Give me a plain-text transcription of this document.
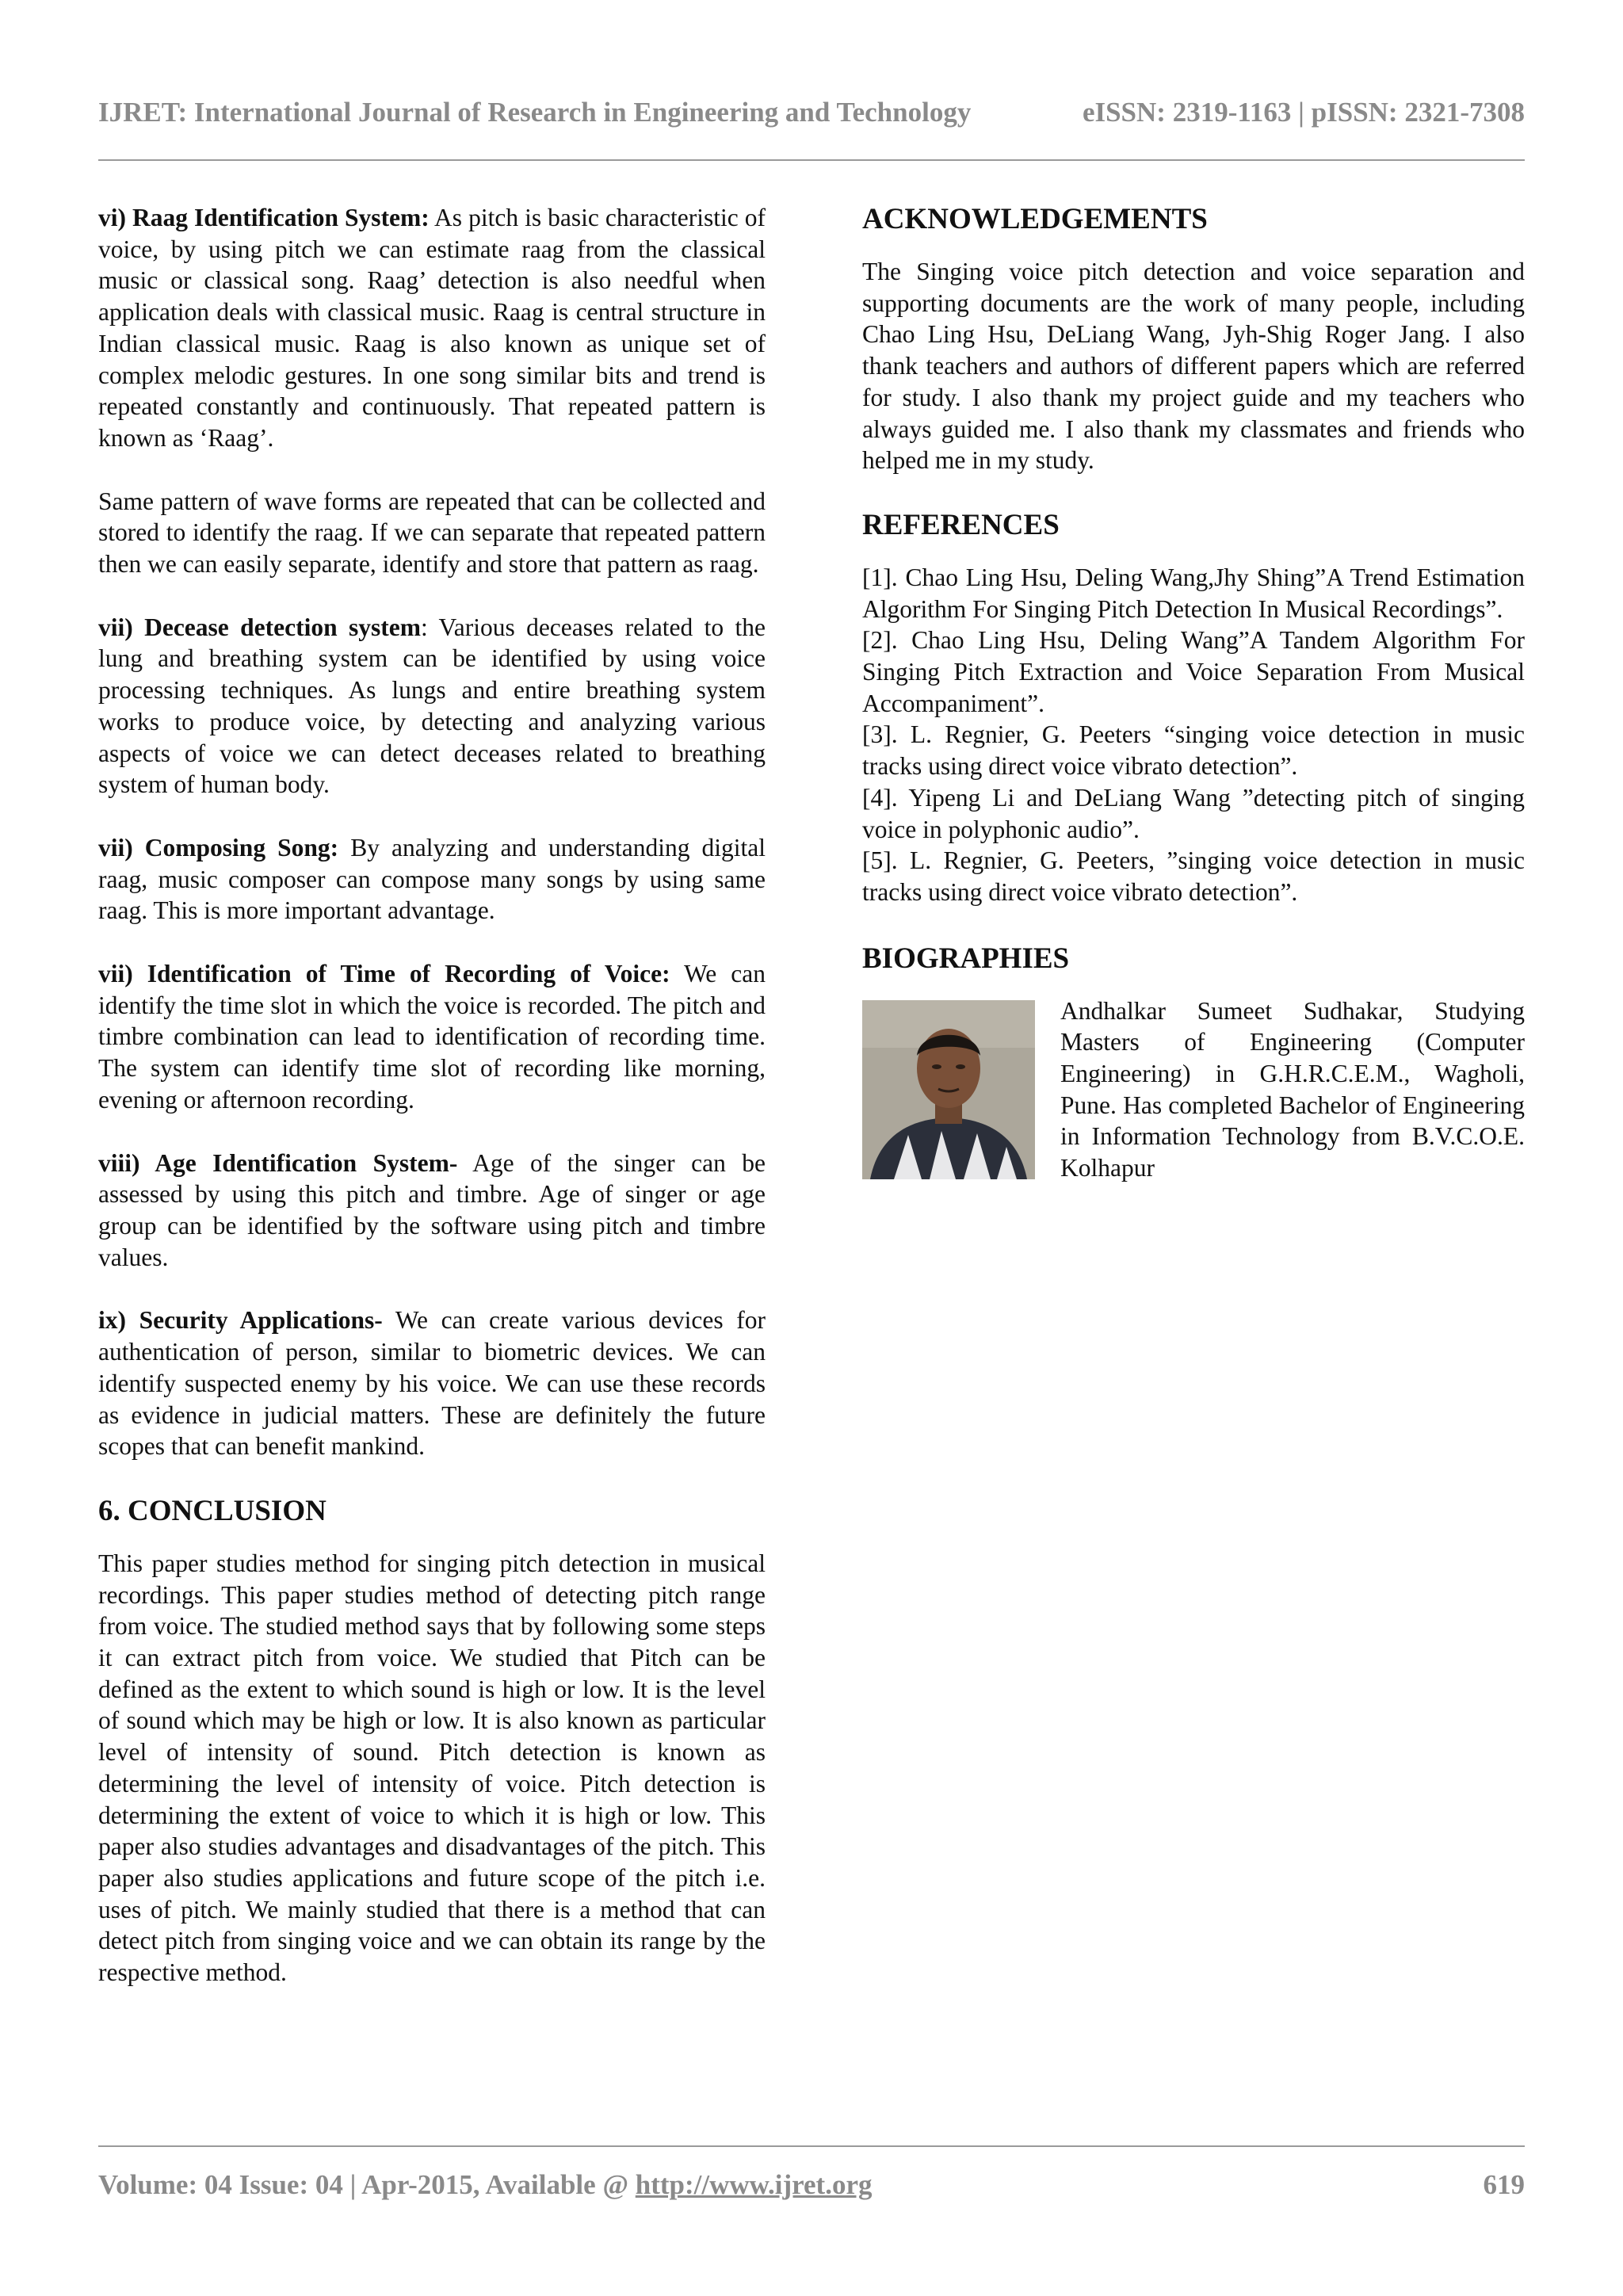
IJRET: International Journal of Research in Engineering and Technology	eISSN: 2319-1163 | pISSN: 2321-7308

vi) Raag Identification System: As pitch is basic characteristic of voice, by using pitch we can estimate raag from the classical music or classical song. Raag’ detection is also needful when application deals with classical music. Raag is central structure in Indian classical music. Raag is also known as unique set of complex melodic gestures. In one song similar bits and trend is repeated constantly and continuously. That repeated pattern is known as ‘Raag’.

Same pattern of wave forms are repeated that can be collected and stored to identify the raag. If we can separate that repeated pattern then we can easily separate, identify and store that pattern as raag.

vii) Decease detection system: Various deceases related to the lung and breathing system can be identified by using voice processing techniques. As lungs and entire breathing system works to produce voice, by detecting and analyzing various aspects of voice we can detect deceases related to breathing system of human body.

vii) Composing Song: By analyzing and understanding digital raag, music composer can compose many songs by using same raag. This is more important advantage.

vii) Identification of Time of Recording of Voice: We can identify the time slot in which the voice is recorded. The pitch and timbre combination can lead to identification of recording time. The system can identify time slot of recording like morning, evening or afternoon recording.

viii) Age Identification System- Age of the singer can be assessed by using this pitch and timbre. Age of singer or age group can be identified by the software using pitch and timbre values.

ix) Security Applications- We can create various devices for authentication of person, similar to biometric devices. We can identify suspected enemy by his voice. We can use these records as evidence in judicial matters. These are definitely the future scopes that can benefit mankind.

6. CONCLUSION

This paper studies method for singing pitch detection in musical recordings. This paper studies method of detecting pitch range from voice. The studied method says that by following some steps it can extract pitch from voice. We studied that Pitch can be defined as the extent to which sound is high or low. It is the level of sound which may be high or low. It is also known as particular level of intensity of sound. Pitch detection is known as determining the level of intensity of voice. Pitch detection is determining the extent of voice to which it is high or low. This paper also studies advantages and disadvantages of the pitch. This paper also studies applications and future scope of the pitch i.e. uses of pitch. We mainly studied that there is a method that can detect pitch from singing voice and we can obtain its range by the respective method.

ACKNOWLEDGEMENTS

The Singing voice pitch detection and voice separation and supporting documents are the work of many people, including Chao Ling Hsu, DeLiang Wang, Jyh-Shig Roger Jang. I also thank teachers and authors of different papers which are referred for study. I also thank my project guide and my teachers who always guided me. I also thank my classmates and friends who helped me in my study.

REFERENCES

[1]. Chao Ling Hsu, Deling Wang,Jhy Shing”A Trend Estimation Algorithm For Singing Pitch Detection In Musical Recordings”.

[2]. Chao Ling Hsu, Deling Wang”A Tandem Algorithm For Singing Pitch Extraction and Voice Separation From Musical Accompaniment”.

[3]. L. Regnier, G. Peeters “singing voice detection in music tracks using direct voice vibrato detection”.

[4]. Yipeng Li and DeLiang Wang ”detecting pitch of singing voice in polyphonic audio”.

[5]. L. Regnier, G. Peeters, ”singing voice detection in music tracks using direct voice vibrato detection”.

BIOGRAPHIES

Andhalkar Sumeet Sudhakar, Studying Masters of Engineering (Computer Engineering) in G.H.R.C.E.M., Wagholi, Pune. Has completed Bachelor of Engineering in Information Technology from B.V.C.O.E. Kolhapur

Volume: 04 Issue: 04 | Apr-2015, Available @ http://www.ijret.org	619
